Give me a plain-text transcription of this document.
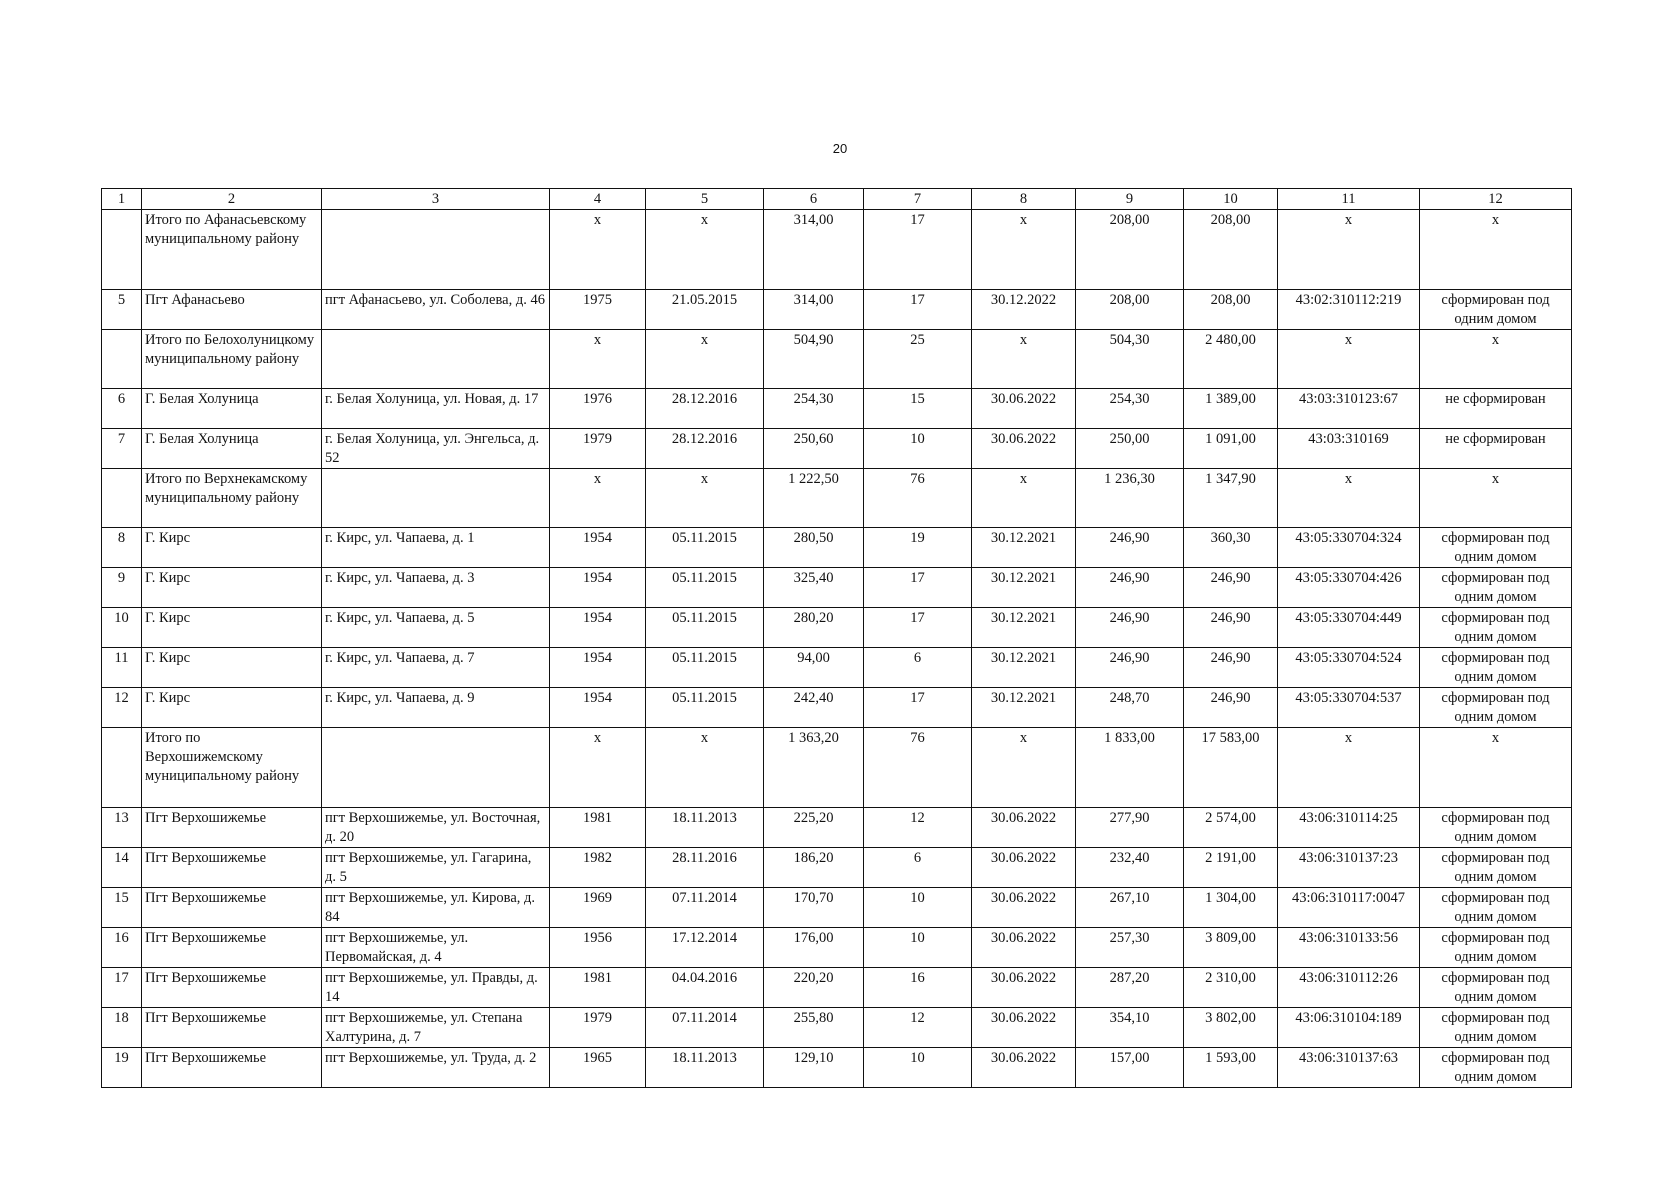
20
1	2	3	4	5	6	7	8	9	10	11	12
	Итого по Афанасьевскому муниципальному району		х	х	314,00	17	х	208,00	208,00	х	х
5	Пгт Афанасьево	пгт Афанасьево, ул. Соболева, д. 46	1975	21.05.2015	314,00	17	30.12.2022	208,00	208,00	43:02:310112:219	сформирован под одним домом
	Итого по Белохолуницкому муниципальному району		х	х	504,90	25	х	504,30	2 480,00	х	х
6	Г. Белая Холуница	г. Белая Холуница, ул. Новая, д. 17	1976	28.12.2016	254,30	15	30.06.2022	254,30	1 389,00	43:03:310123:67	не сформирован
7	Г. Белая Холуница	г. Белая Холуница, ул. Энгельса, д. 52	1979	28.12.2016	250,60	10	30.06.2022	250,00	1 091,00	43:03:310169	не сформирован
	Итого по Верхнекамскому муниципальному району		х	х	1 222,50	76	х	1 236,30	1 347,90	х	х
8	Г. Кирс	г. Кирс, ул. Чапаева, д. 1	1954	05.11.2015	280,50	19	30.12.2021	246,90	360,30	43:05:330704:324	сформирован под одним домом
9	Г. Кирс	г. Кирс, ул. Чапаева, д. 3	1954	05.11.2015	325,40	17	30.12.2021	246,90	246,90	43:05:330704:426	сформирован под одним домом
10	Г. Кирс	г. Кирс, ул. Чапаева, д. 5	1954	05.11.2015	280,20	17	30.12.2021	246,90	246,90	43:05:330704:449	сформирован под одним домом
11	Г. Кирс	г. Кирс, ул. Чапаева, д. 7	1954	05.11.2015	94,00	6	30.12.2021	246,90	246,90	43:05:330704:524	сформирован под одним домом
12	Г. Кирс	г. Кирс, ул. Чапаева, д. 9	1954	05.11.2015	242,40	17	30.12.2021	248,70	246,90	43:05:330704:537	сформирован под одним домом
	Итого по Верхошижемскому муниципальному району		х	х	1 363,20	76	х	1 833,00	17 583,00	х	х
13	Пгт Верхошижемье	пгт Верхошижемье, ул. Восточная, д. 20	1981	18.11.2013	225,20	12	30.06.2022	277,90	2 574,00	43:06:310114:25	сформирован под одним домом
14	Пгт Верхошижемье	пгт Верхошижемье, ул. Гагарина, д. 5	1982	28.11.2016	186,20	6	30.06.2022	232,40	2 191,00	43:06:310137:23	сформирован под одним домом
15	Пгт Верхошижемье	пгт Верхошижемье, ул. Кирова, д. 84	1969	07.11.2014	170,70	10	30.06.2022	267,10	1 304,00	43:06:310117:0047	сформирован под одним домом
16	Пгт Верхошижемье	пгт Верхошижемье, ул. Первомайская, д. 4	1956	17.12.2014	176,00	10	30.06.2022	257,30	3 809,00	43:06:310133:56	сформирован под одним домом
17	Пгт Верхошижемье	пгт Верхошижемье, ул. Правды, д. 14	1981	04.04.2016	220,20	16	30.06.2022	287,20	2 310,00	43:06:310112:26	сформирован под одним домом
18	Пгт Верхошижемье	пгт Верхошижемье, ул. Степана Халтурина, д. 7	1979	07.11.2014	255,80	12	30.06.2022	354,10	3 802,00	43:06:310104:189	сформирован под одним домом
19	Пгт Верхошижемье	пгт Верхошижемье, ул. Труда, д. 2	1965	18.11.2013	129,10	10	30.06.2022	157,00	1 593,00	43:06:310137:63	сформирован под одним домом
